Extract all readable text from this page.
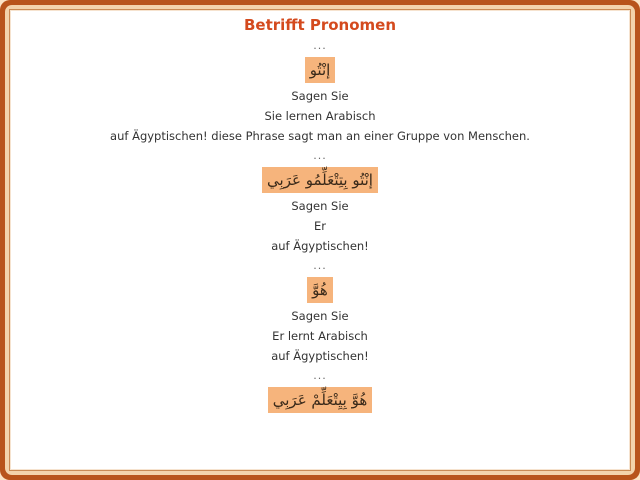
Betrifft Pronomen
...
إنْتُو
Sagen Sie
Sie lernen Arabisch
auf Ägyptischen! diese Phrase sagt man an einer Gruppe von Menschen.
...
إنْتُو بِتِتْعَلِّمُو عَرَبِي
Sagen Sie
Er
auf Ägyptischen!
...
هُوَّ
Sagen Sie
Er lernt Arabisch
auf Ägyptischen!
...
هُوَّ بِيِتْعَلِّمْ عَرَبِي
